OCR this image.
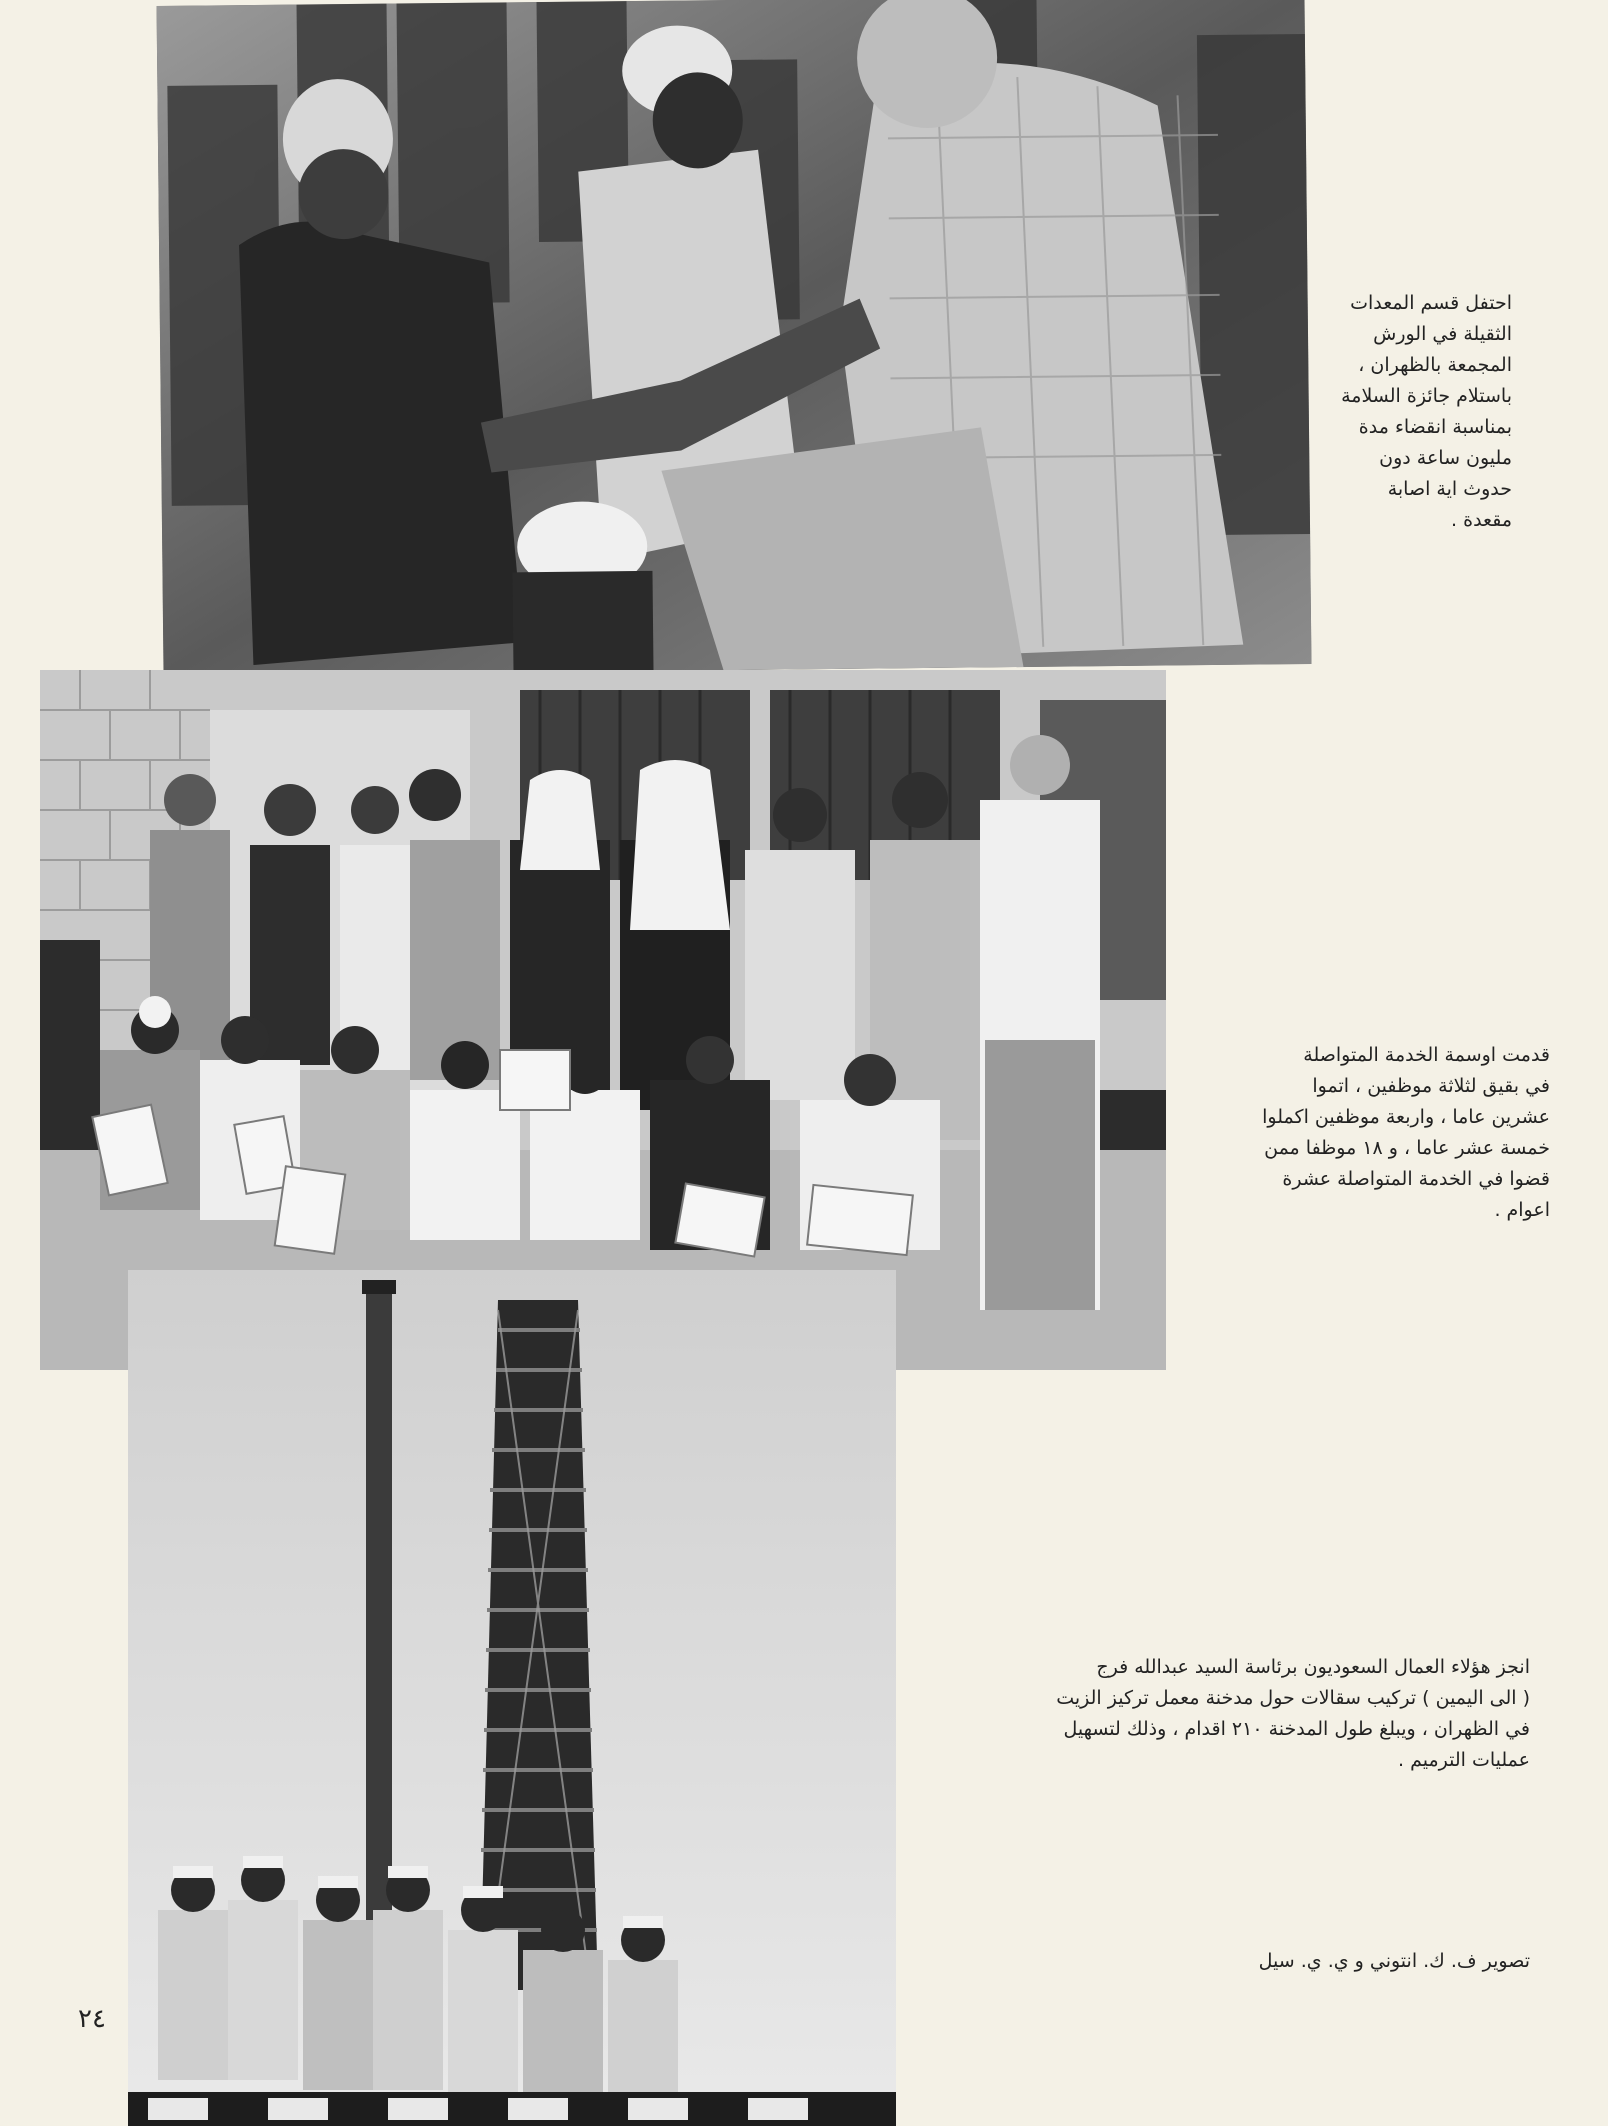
احتفل قسم المعدات
الثقيلة في الورش
المجمعة بالظهران ،
باستلام جائزة السلامة
بمناسبة انقضاء مدة
مليون ساعة دون
حدوث اية اصابة
مقعدة .
قدمت اوسمة الخدمة المتواصلة
في بقيق لثلاثة موظفين ، اتموا
عشرين عاما ، واربعة موظفين اكملوا
خمسة عشر عاما ، و ١٨ موظفا ممن
قضوا في الخدمة المتواصلة عشرة
اعوام .
انجز هؤلاء العمال السعوديون برئاسة السيد عبدالله فرج
( الى اليمين ) تركيب سقالات حول مدخنة معمل تركيز الزيت
في الظهران ، ويبلغ طول المدخنة ٢١٠ اقدام ، وذلك لتسهيل
عمليات الترميم .
تصوير ف. ك. انتوني و ي. ي. سيل
٢٤
